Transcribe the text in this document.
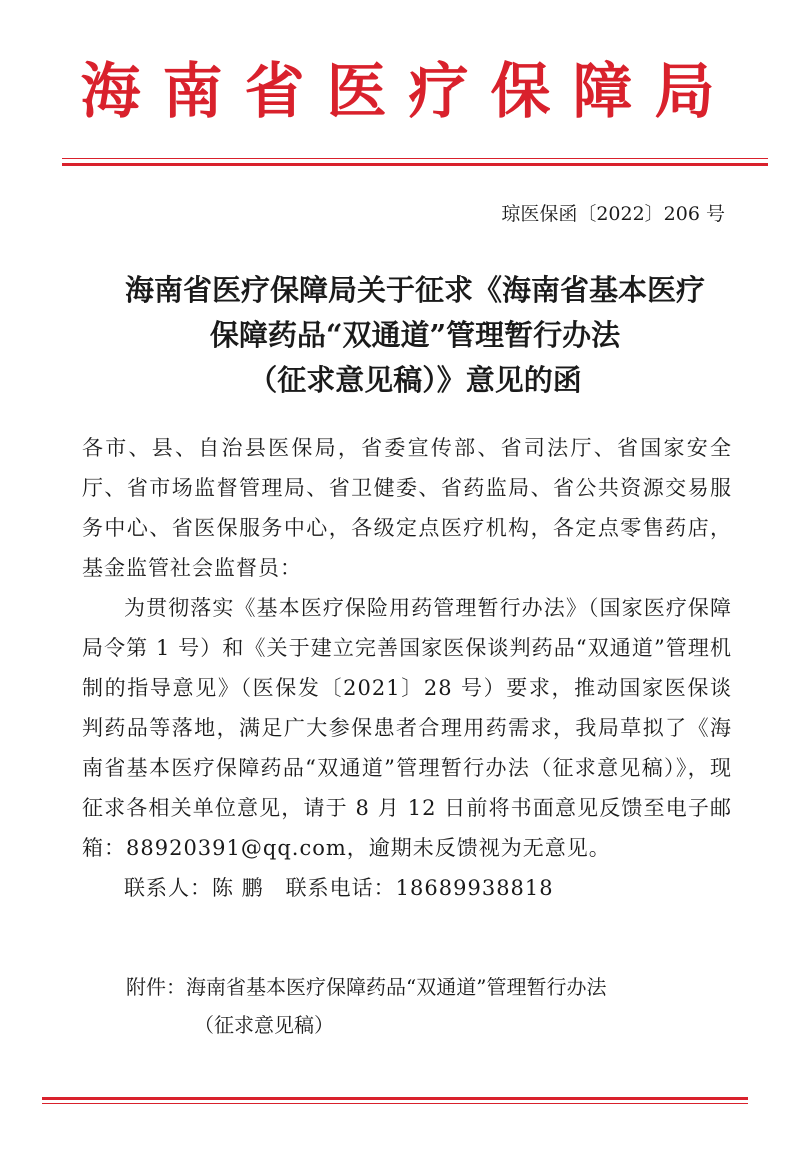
海南省医疗保障局
琼医保函〔2022〕206 号
海南省医疗保障局关于征求《海南省基本医疗
保障药品“双通道”管理暂行办法
（征求意见稿）》意见的函

各市、县、自治县医保局，省委宣传部、省司法厅、省国家安全厅、省市场监督管理局、省卫健委、省药监局、省公共资源交易服务中心、省医保服务中心，各级定点医疗机构，各定点零售药店，基金监管社会监督员：

为贯彻落实《基本医疗保险用药管理暂行办法》（国家医疗保障局令第 1 号）和《关于建立完善国家医保谈判药品“双通道”管理机制的指导意见》（医保发〔2021〕28 号）要求，推动国家医保谈判药品等落地，满足广大参保患者合理用药需求，我局草拟了《海南省基本医疗保障药品“双通道”管理暂行办法（征求意见稿）》，现征求各相关单位意见，请于 8 月 12 日前将书面意见反馈至电子邮箱：88920391@qq.com，逾期未反馈视为无意见。

联系人：陈 鹏　联系电话：18689938818

附件：海南省基本医疗保障药品“双通道”管理暂行办法
（征求意见稿）
